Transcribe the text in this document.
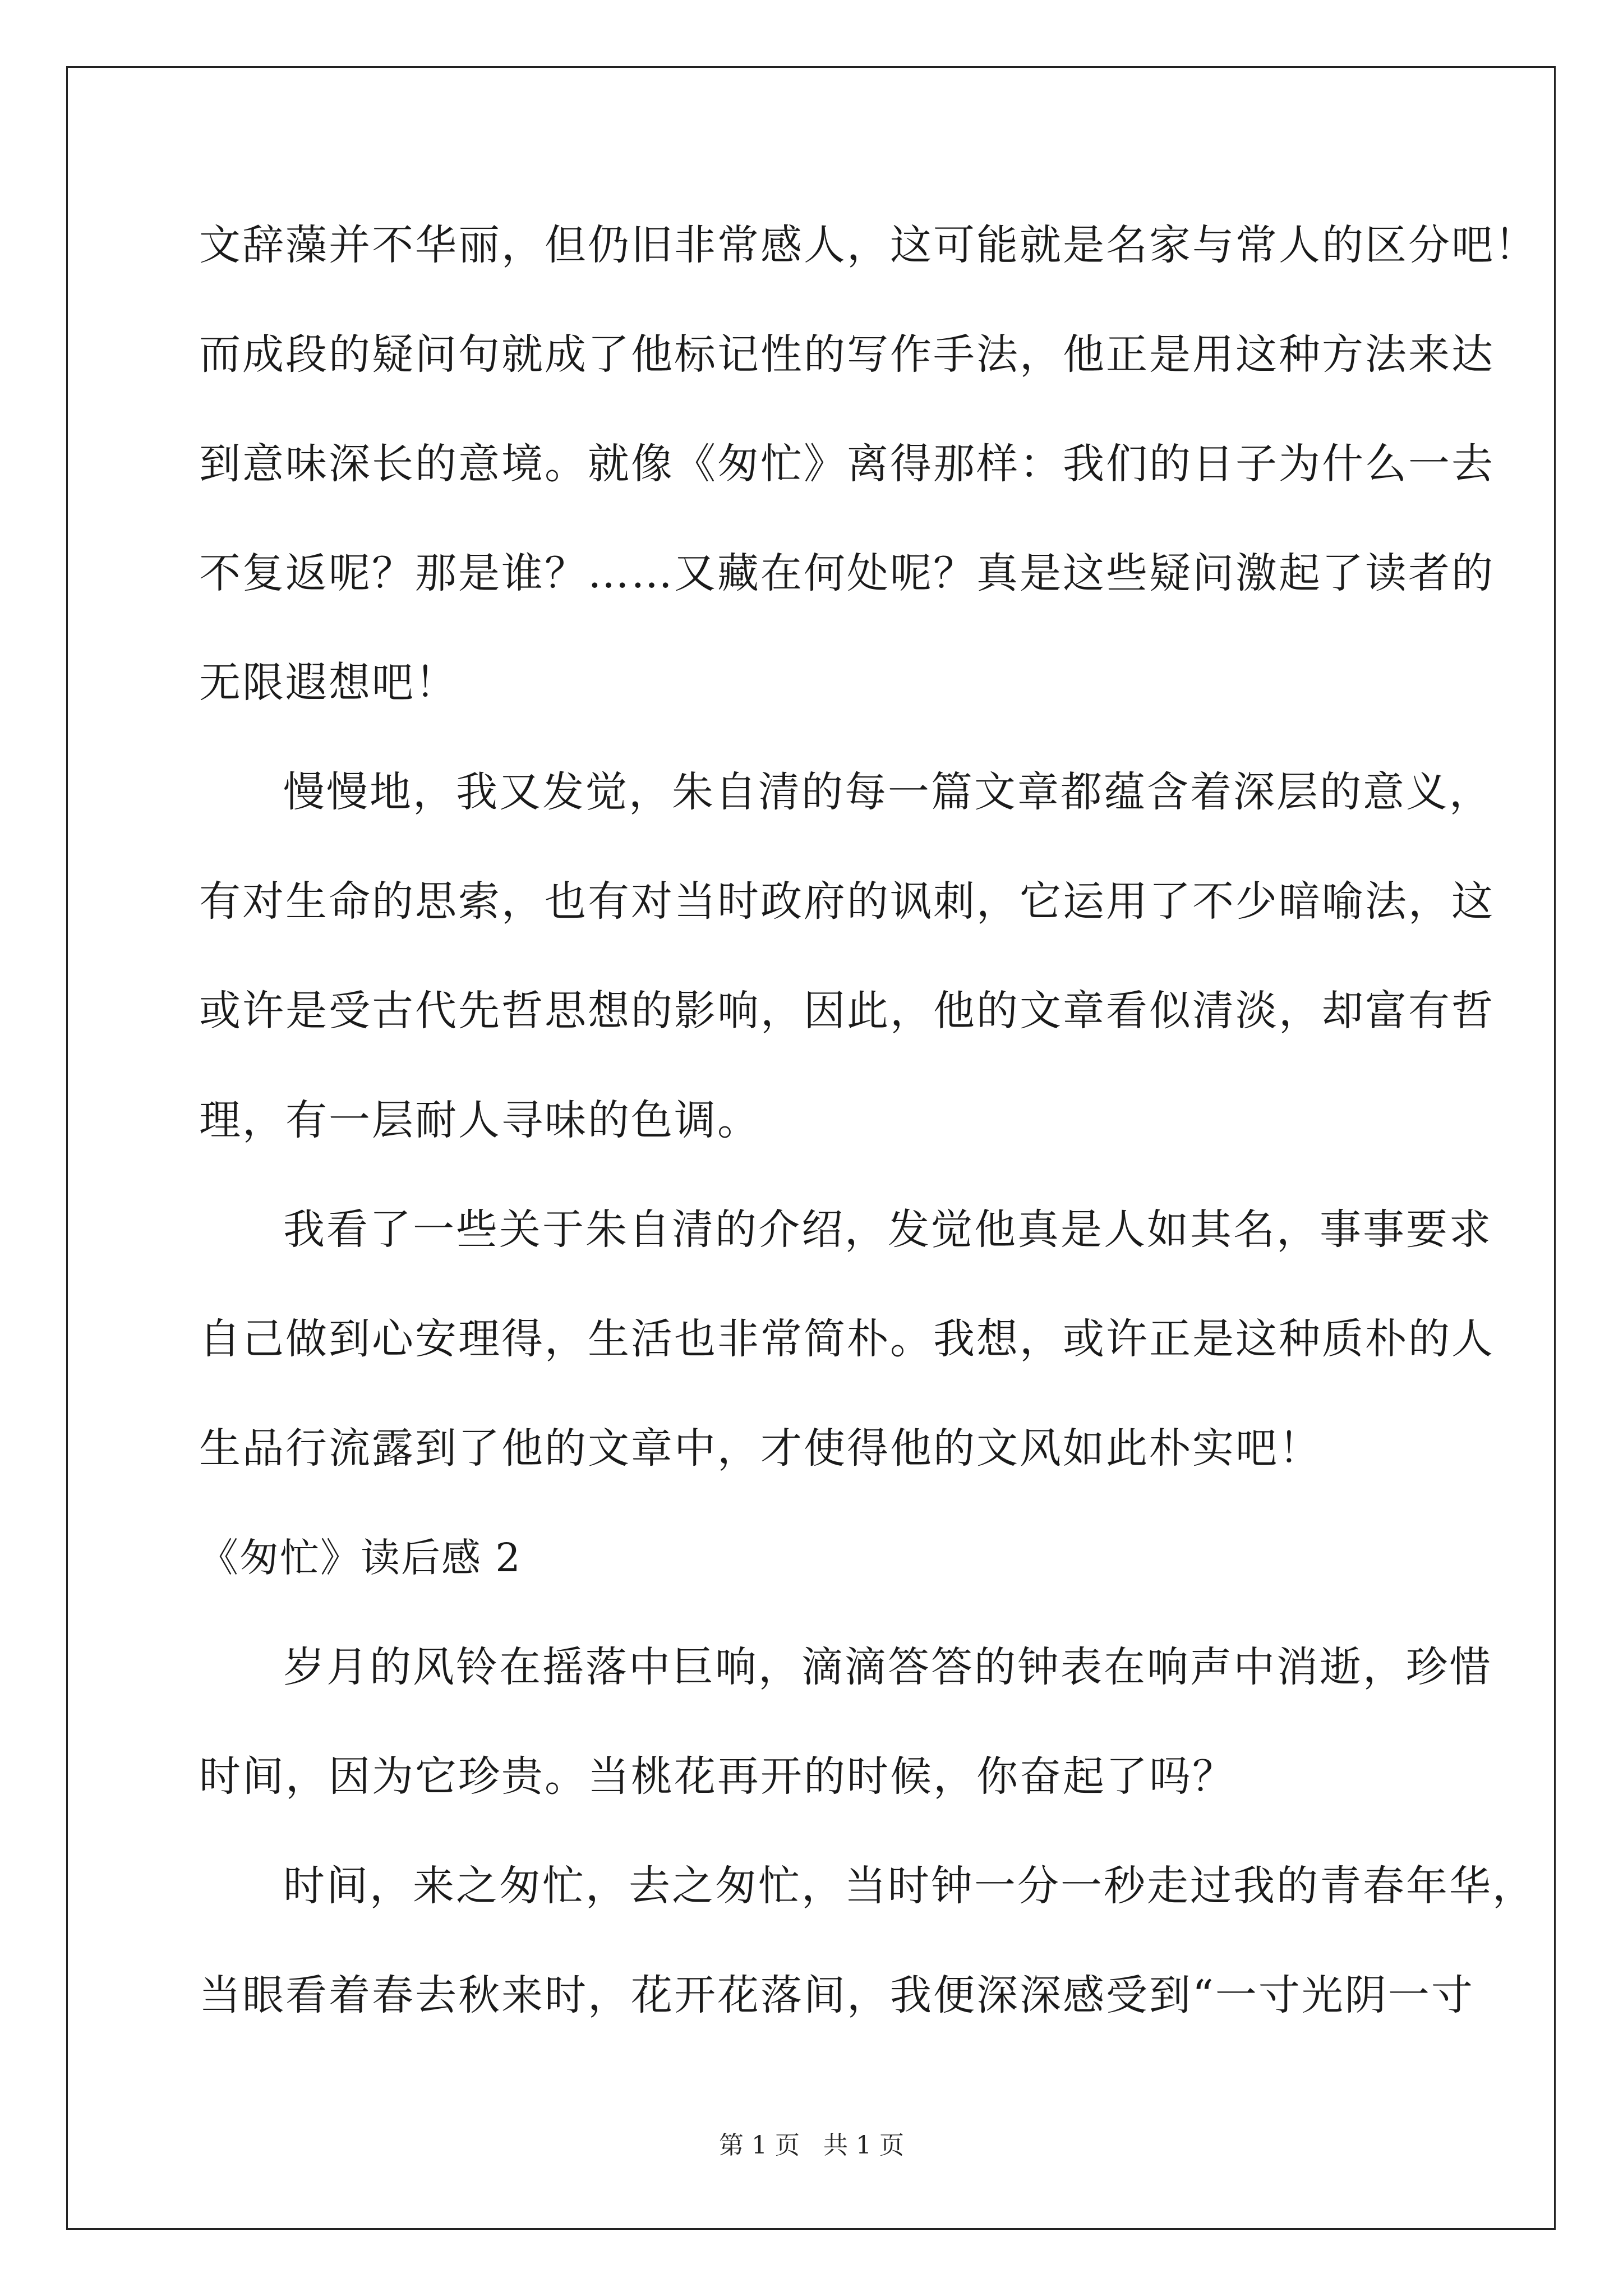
文辞藻并不华丽，但仍旧非常感人，这可能就是名家与常人的区分吧！
而成段的疑问句就成了他标记性的写作手法，他正是用这种方法来达
到意味深长的意境。就像《匆忙》离得那样：我们的日子为什么一去
不复返呢？那是谁？……又藏在何处呢？真是这些疑问激起了读者的
无限遐想吧！
慢慢地，我又发觉，朱自清的每一篇文章都蕴含着深层的意义，
有对生命的思索，也有对当时政府的讽刺，它运用了不少暗喻法，这
或许是受古代先哲思想的影响，因此，他的文章看似清淡，却富有哲
理，有一层耐人寻味的色调。
我看了一些关于朱自清的介绍，发觉他真是人如其名，事事要求
自己做到心安理得，生活也非常简朴。我想，或许正是这种质朴的人
生品行流露到了他的文章中，才使得他的文风如此朴实吧！
《匆忙》读后感 2
岁月的风铃在摇落中巨响，滴滴答答的钟表在响声中消逝，珍惜
时间，因为它珍贵。当桃花再开的时候，你奋起了吗？
时间，来之匆忙，去之匆忙，当时钟一分一秒走过我的青春年华，
当眼看着春去秋来时，花开花落间，我便深深感受到“一寸光阴一寸
第 1 页 共 1 页
